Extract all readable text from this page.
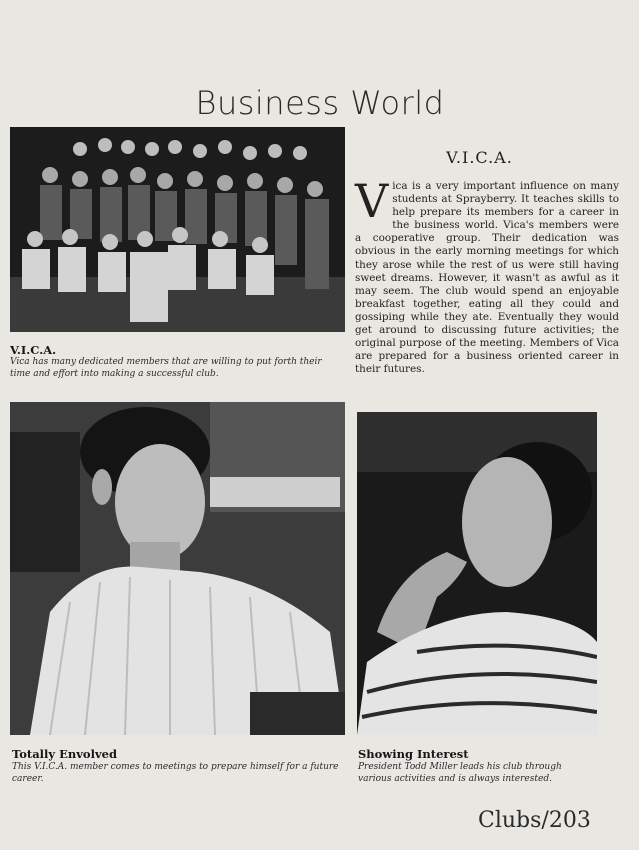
Business World
V.I.C.A.
Vica has many dedicated members that are willing to put forth their time and effort into making a successful club.
V.I.C.A.
Vica is a very important influence on many students at Sprayberry. It teaches skills to help prepare its members for a career in the business world. Vica's members were a cooperative group. Their dedication was obvious in the early morning meetings for which they arose while the rest of us were still having sweet dreams. However, it wasn't as awful as it may seem. The club would spend an enjoyable breakfast together, eating all they could and gossiping while they ate. Eventually they would get around to discussing future activities; the original purpose of the meeting. Members of Vica are prepared for a business oriented career in their futures.
Totally Envolved
This V.I.C.A. member comes to meetings to prepare himself for a future career.
Showing Interest
President Todd Miller leads his club through various activities and is always interested.
Clubs/203
